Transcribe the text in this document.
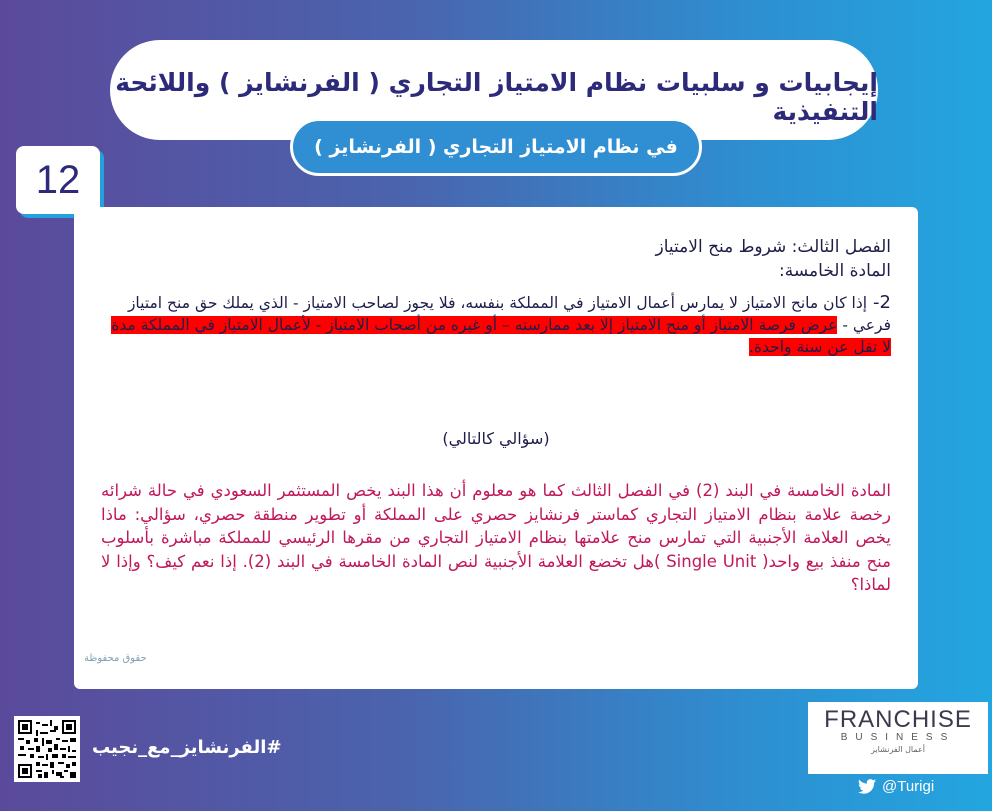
إيجابيات و سلبيات نظام الامتياز التجاري ( الفرنشايز ) واللائحة التنفيذية
في نظام الامتياز التجاري ( الفرنشايز )
12
الفصل الثالث: شروط منح الامتياز
المادة الخامسة:
2-إذا كان مانح الامتياز لا يمارس أعمال الامتياز في المملكة بنفسه، فلا يجوز لصاحب الامتياز - الذي يملك حق منح امتياز فرعي - عرض فرصة الامتياز أو منح الامتياز إلا بعد ممارسته – أو غيره من أصحاب الامتياز - لأعمال الامتياز في المملكة مدة لا تقل عن سنة واحدة.
(سؤالي كالتالي)
المادة الخامسة في البند (2) في الفصل الثالث كما هو معلوم أن هذا البند يخص المستثمر السعودي في حالة شرائه رخصة علامة بنظام الامتياز التجاري كماستر فرنشايز حصري على المملكة أو تطوير منطقة حصري، سؤالي: ماذا يخص العلامة الأجنبية التي تمارس منح علامتها بنظام الامتياز التجاري من مقرها الرئيسي للمملكة مباشرة بأسلوب منح منفذ بيع واحد( Single Unit )هل تخضع العلامة الأجنبية لنص المادة الخامسة في البند (2). إذا نعم كيف؟ وإذا لا لماذا؟
حقوق محفوظة
#الفرنشايز_مع_نجيب
FRANCHISE
BUSINESS
أعمال الفرنشايز
@Turigi
